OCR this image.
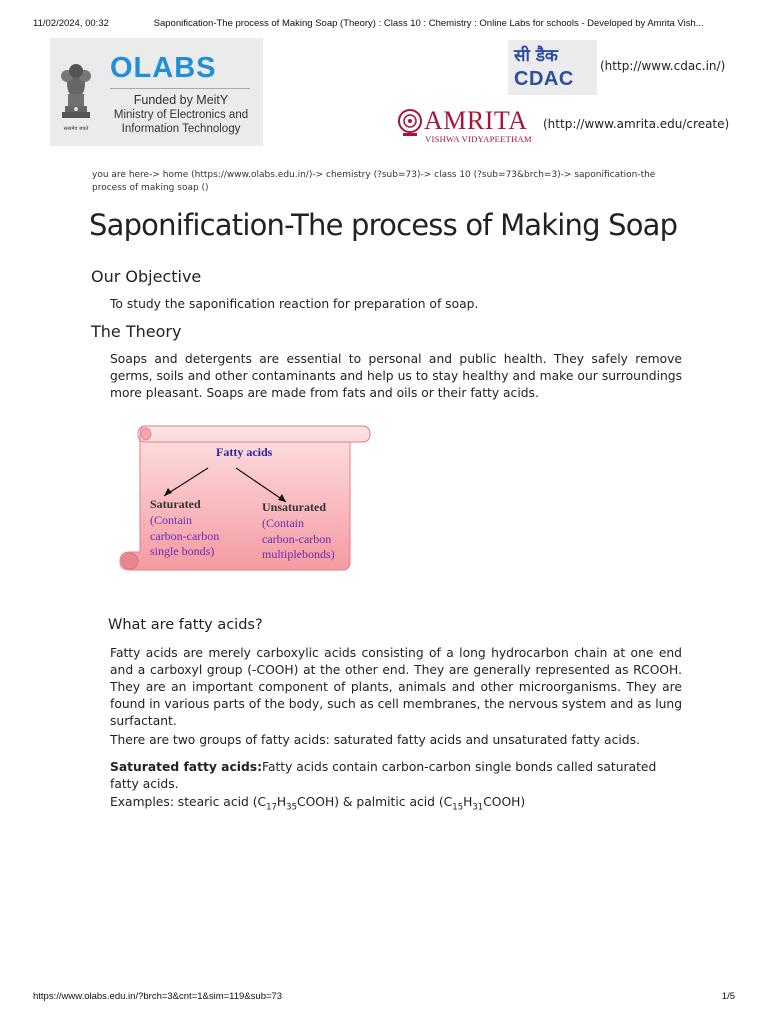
11/02/2024, 00:32	Saponification-The process of Making Soap (Theory) : Class 10 : Chemistry : Online Labs for schools - Developed by Amrita Vish...
सत्यमेव जयते
OLABS
Funded by MeitY
Ministry of Electronics and
Information Technology
सी डैक
CDAC
(http://www.cdac.in/)
AMRITA
VISHWA VIDYAPEETHAM
(http://www.amrita.edu/create)
you are here-> home (https://www.olabs.edu.in/)-> chemistry (?sub=73)-> class 10 (?sub=73&brch=3)-> saponification-the process of making soap ()
Saponification-The process of Making Soap
Our Objective

To study the saponification reaction for preparation of soap.

The Theory

Soaps and detergents are essential to personal and public health. They safely remove germs, soils and other contaminants and help us to stay healthy and make our surroundings more pleasant. Soaps are made from fats and oils or their fatty acids.

Fatty acids
Saturated
(Contain
carbon-carbon
single bonds)
Unsaturated
(Contain
carbon-carbon
multiplebonds)
What are fatty acids?

Fatty acids are merely carboxylic acids consisting of a long hydrocarbon chain at one end and a carboxyl group (-COOH) at the other end. They are generally represented as RCOOH. They are an important component of plants, animals and other microorganisms. They are found in various parts of the body, such as cell membranes, the nervous system and as lung surfactant.

There are two groups of fatty acids: saturated fatty acids and unsaturated fatty acids.

Saturated fatty acids:Fatty acids contain carbon-carbon single bonds called saturated fatty acids.

Examples: stearic acid $(C_{17}H_{35}COOH)$ & palmitic acid $(C_{15}H_{31}COOH)$

https://www.olabs.edu.in/?brch=3&cnt=1&sim=119&sub=73	1/5
